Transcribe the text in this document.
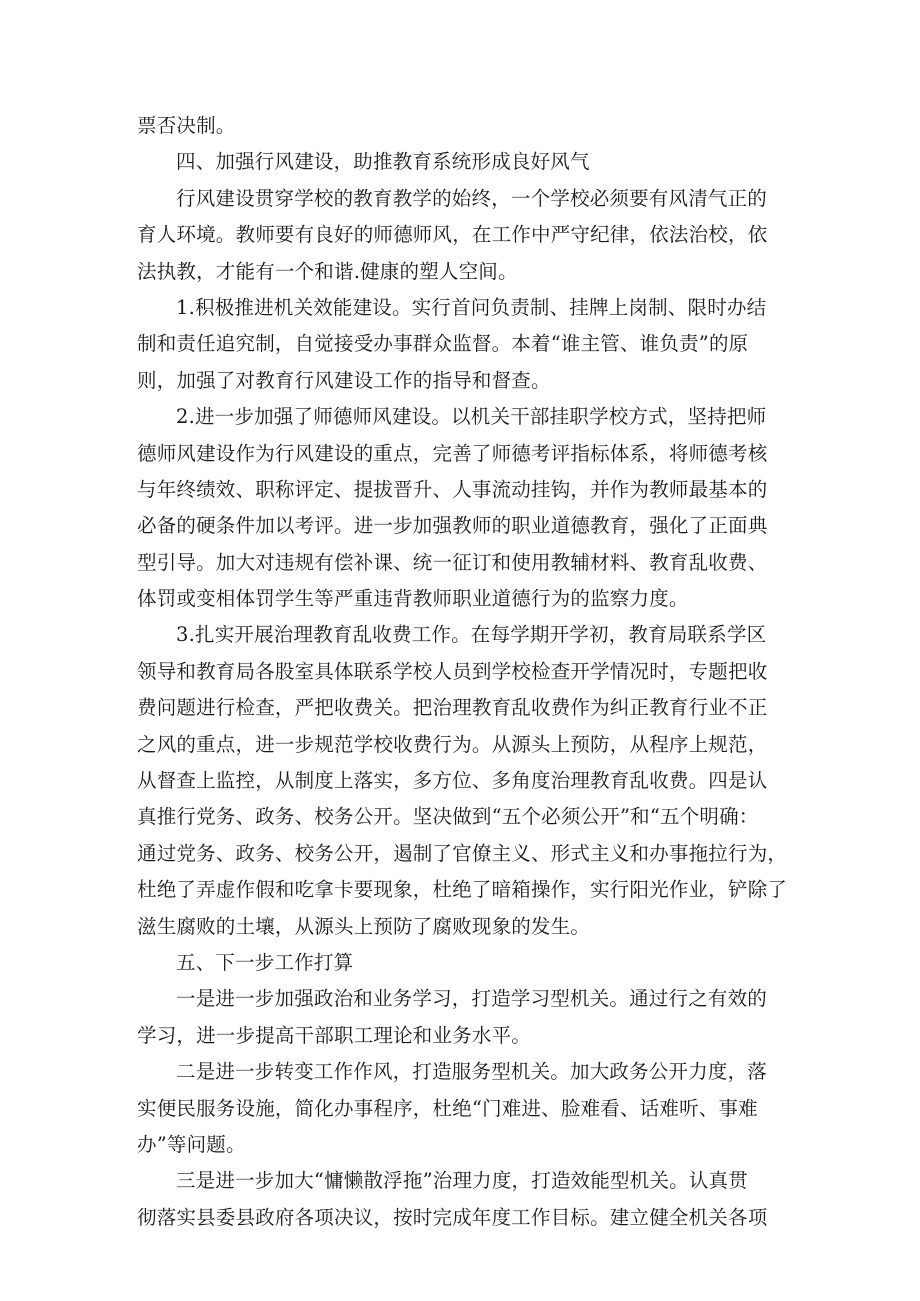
票否决制。
四、加强行风建设，助推教育系统形成良好风气
行风建设贯穿学校的教育教学的始终，一个学校必须要有风清气正的
育人环境。教师要有良好的师德师风，在工作中严守纪律，依法治校，依
法执教，才能有一个和谐.健康的塑人空间。
1.积极推进机关效能建设。实行首问负责制、挂牌上岗制、限时办结
制和责任追究制，自觉接受办事群众监督。本着“谁主管、谁负责”的原
则，加强了对教育行风建设工作的指导和督查。
2.进一步加强了师德师风建设。以机关干部挂职学校方式，坚持把师
德师风建设作为行风建设的重点，完善了师德考评指标体系，将师德考核
与年终绩效、职称评定、提拔晋升、人事流动挂钩，并作为教师最基本的
必备的硬条件加以考评。进一步加强教师的职业道德教育，强化了正面典
型引导。加大对违规有偿补课、统一征订和使用教辅材料、教育乱收费、
体罚或变相体罚学生等严重违背教师职业道德行为的监察力度。
3.扎实开展治理教育乱收费工作。在每学期开学初，教育局联系学区
领导和教育局各股室具体联系学校人员到学校检查开学情况时，专题把收
费问题进行检查，严把收费关。把治理教育乱收费作为纠正教育行业不正
之风的重点，进一步规范学校收费行为。从源头上预防，从程序上规范，
从督查上监控，从制度上落实，多方位、多角度治理教育乱收费。四是认
真推行党务、政务、校务公开。坚决做到“五个必须公开”和“五个明确：
通过党务、政务、校务公开，遏制了官僚主义、形式主义和办事拖拉行为，
杜绝了弄虚作假和吃拿卡要现象，杜绝了暗箱操作，实行阳光作业，铲除了
滋生腐败的土壤，从源头上预防了腐败现象的发生。
五、下一步工作打算
一是进一步加强政治和业务学习，打造学习型机关。通过行之有效的
学习，进一步提高干部职工理论和业务水平。
二是进一步转变工作作风，打造服务型机关。加大政务公开力度，落
实便民服务设施，简化办事程序，杜绝“门难进、脸难看、话难听、事难
办”等问题。
三是进一步加大“慵懒散浮拖”治理力度，打造效能型机关。认真贯
彻落实县委县政府各项决议，按时完成年度工作目标。建立健全机关各项
